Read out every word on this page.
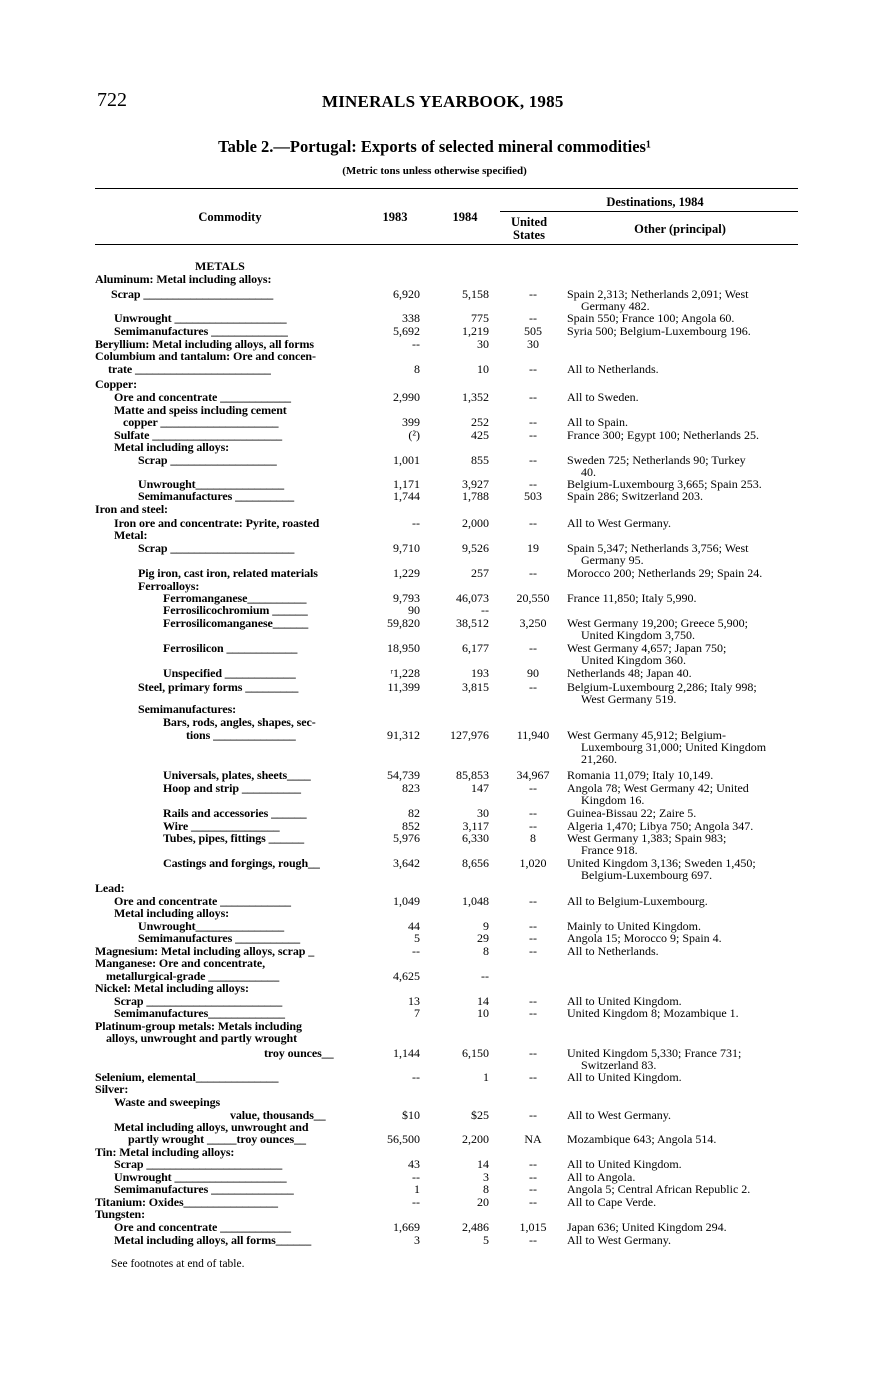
722	MINERALS YEARBOOK, 1985
Table 2.—Portugal: Exports of selected mineral commodities¹
(Metric tons unless otherwise specified)
Commodity	1983	1984
Destinations, 1984
United States	Other (principal)
METALS
Aluminum: Metal including alloys:
Scrap ______________________	6,920	5,158	--	Spain 2,313; Netherlands 2,091; West
Germany 482.
Unwrought ___________________	338	775	--	Spain 550; France 100; Angola 60.
Semimanufactures _____________	5,692	1,219	505	Syria 500; Belgium-Luxembourg 196.
Beryllium: Metal including alloys, all forms	--	30	30
Columbium and tantalum: Ore and concen-
trate _______________________	8	10	--	All to Netherlands.
Copper:
Ore and concentrate ____________	2,990	1,352	--	All to Sweden.
Matte and speiss including cement
copper ____________________	399	252	--	All to Spain.
Sulfate ______________________	(²)	425	--	France 300; Egypt 100; Netherlands 25.
Metal including alloys:
Scrap __________________	1,001	855	--	Sweden 725; Netherlands 90; Turkey
40.
Unwrought_______________	1,171	3,927	--	Belgium-Luxembourg 3,665; Spain 253.
Semimanufactures __________	1,744	1,788	503	Spain 286; Switzerland 203.
Iron and steel:
Iron ore and concentrate: Pyrite, roasted	--	2,000	--	All to West Germany.
Metal:
Scrap _____________________	9,710	9,526	19	Spain 5,347; Netherlands 3,756; West
Germany 95.
Pig iron, cast iron, related materials	1,229	257	--	Morocco 200; Netherlands 29; Spain 24.
Ferroalloys:
Ferromanganese__________	9,793	46,073	20,550	France 11,850; Italy 5,990.
Ferrosilicochromium ______	90	--
Ferrosilicomanganese______	59,820	38,512	3,250	West Germany 19,200; Greece 5,900;
United Kingdom 3,750.
Ferrosilicon ____________	18,950	6,177	--	West Germany 4,657; Japan 750;
United Kingdom 360.
Unspecified ____________	ʳ1,228	193	90	Netherlands 48; Japan 40.
Steel, primary forms _________	11,399	3,815	--	Belgium-Luxembourg 2,286; Italy 998;
West Germany 519.
Semimanufactures:
Bars, rods, angles, shapes, sec-
tions ______________	91,312	127,976	11,940	West Germany 45,912; Belgium-
Luxembourg 31,000; United Kingdom
21,260.
Universals, plates, sheets____	54,739	85,853	34,967	Romania 11,079; Italy 10,149.
Hoop and strip __________	823	147	--	Angola 78; West Germany 42; United
Kingdom 16.
Rails and accessories ______	82	30	--	Guinea-Bissau 22; Zaire 5.
Wire _______________	852	3,117	--	Algeria 1,470; Libya 750; Angola 347.
Tubes, pipes, fittings ______	5,976	6,330	8	West Germany 1,383; Spain 983;
France 918.
Castings and forgings, rough__	3,642	8,656	1,020	United Kingdom 3,136; Sweden 1,450;
Belgium-Luxembourg 697.
Lead:
Ore and concentrate ____________	1,049	1,048	--	All to Belgium-Luxembourg.
Metal including alloys:
Unwrought_______________	44	9	--	Mainly to United Kingdom.
Semimanufactures ___________	5	29	--	Angola 15; Morocco 9; Spain 4.
Magnesium: Metal including alloys, scrap _	--	8	--	All to Netherlands.
Manganese: Ore and concentrate,
metallurgical-grade ____________	4,625	--
Nickel: Metal including alloys:
Scrap _______________________	13	14	--	All to United Kingdom.
Semimanufactures_____________	7	10	--	United Kingdom 8; Mozambique 1.
Platinum-group metals: Metals including
alloys, unwrought and partly wrought
troy ounces__	1,144	6,150	--	United Kingdom 5,330; France 731;
Switzerland 83.
Selenium, elemental______________	--	1	--	All to United Kingdom.
Silver:
Waste and sweepings
value, thousands__	$10	$25	--	All to West Germany.
Metal including alloys, unwrought and
partly wrought _____troy ounces__	56,500	2,200	NA	Mozambique 643; Angola 514.
Tin: Metal including alloys:
Scrap _______________________	43	14	--	All to United Kingdom.
Unwrought ___________________	--	3	--	All to Angola.
Semimanufactures ______________	1	8	--	Angola 5; Central African Republic 2.
Titanium: Oxides________________	--	20	--	All to Cape Verde.
Tungsten:
Ore and concentrate ____________	1,669	2,486	1,015	Japan 636; United Kingdom 294.
Metal including alloys, all forms______	3	5	--	All to West Germany.
See footnotes at end of table.
